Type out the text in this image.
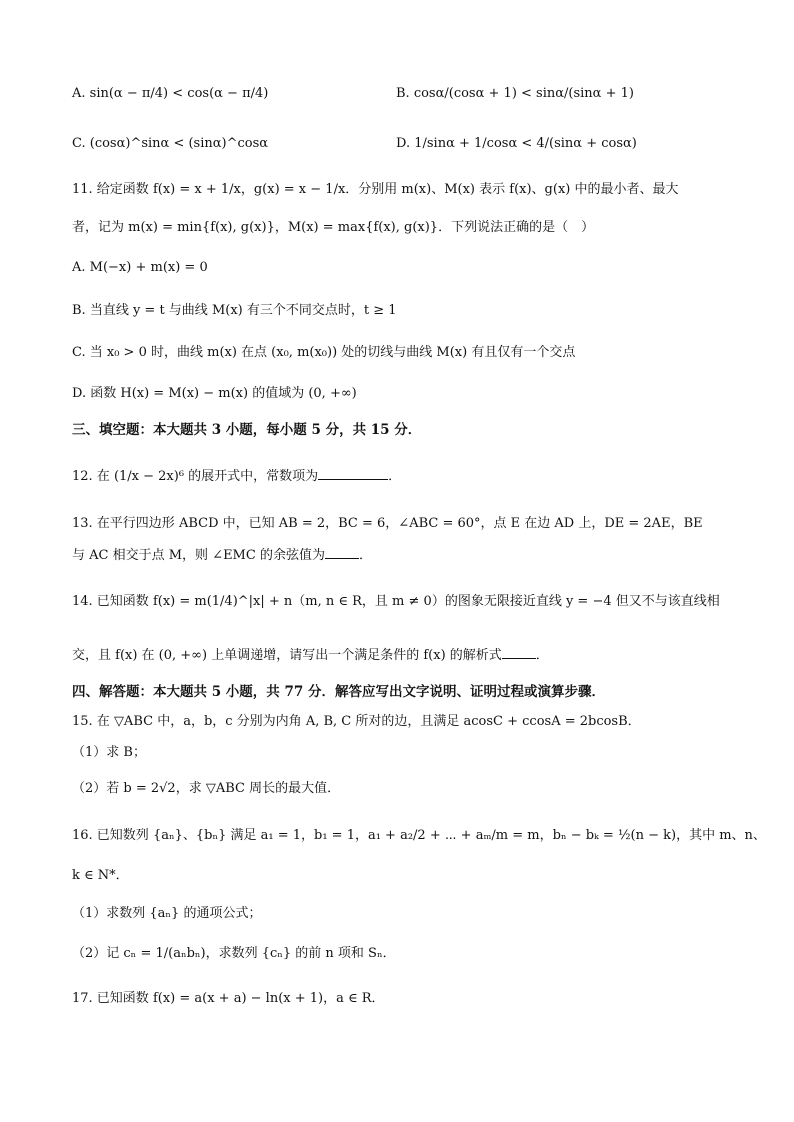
A. sin(α − π/4) < cos(α − π/4)	B. cosα/(cosα + 1) < sinα/(sinα + 1)
C. (cosα)^sinα < (sinα)^cosα	D. 1/sinα + 1/cosα < 4/(sinα + cosα)
11. 给定函数 f(x) = x + 1/x，g(x) = x − 1/x．分别用 m(x)、M(x) 表示 f(x)、g(x) 中的最小者、最大
者，记为 m(x) = min{f(x), g(x)}，M(x) = max{f(x), g(x)}．下列说法正确的是（　）
A. M(−x) + m(x) = 0
B. 当直线 y = t 与曲线 M(x) 有三个不同交点时，t ≥ 1
C. 当 x₀ > 0 时，曲线 m(x) 在点 (x₀, m(x₀)) 处的切线与曲线 M(x) 有且仅有一个交点
D. 函数 H(x) = M(x) − m(x) 的值域为 (0, +∞)
三、填空题：本大题共 3 小题，每小题 5 分，共 15 分．
12. 在 (1/x − 2x)⁶ 的展开式中，常数项为	．
13. 在平行四边形 ABCD 中，已知 AB = 2，BC = 6，∠ABC = 60°，点 E 在边 AD 上，DE = 2AE，BE
与 AC 相交于点 M，则 ∠EMC 的余弦值为	．
14. 已知函数 f(x) = m(1/4)^|x| + n（m, n ∈ R，且 m ≠ 0）的图象无限接近直线 y = −4 但又不与该直线相
交，且 f(x) 在 (0, +∞) 上单调递增，请写出一个满足条件的 f(x) 的解析式	．
四、解答题：本大题共 5 小题，共 77 分．解答应写出文字说明、证明过程或演算步骤．
15. 在 ▽ABC 中，a，b，c 分别为内角 A, B, C 所对的边，且满足 acosC + ccosA = 2bcosB．
（1）求 B；
（2）若 b = 2√2，求 ▽ABC 周长的最大值．
16. 已知数列 {aₙ}、{bₙ} 满足 a₁ = 1，b₁ = 1，a₁ + a₂/2 + ⋯ + aₘ/m = m，bₙ − bₖ = ½(n − k)，其中 m、n、
k ∈ N*．
（1）求数列 {aₙ} 的通项公式；
（2）记 cₙ = 1/(aₙbₙ)，求数列 {cₙ} 的前 n 项和 Sₙ．
17. 已知函数 f(x) = a(x + a) − ln(x + 1)，a ∈ R．
